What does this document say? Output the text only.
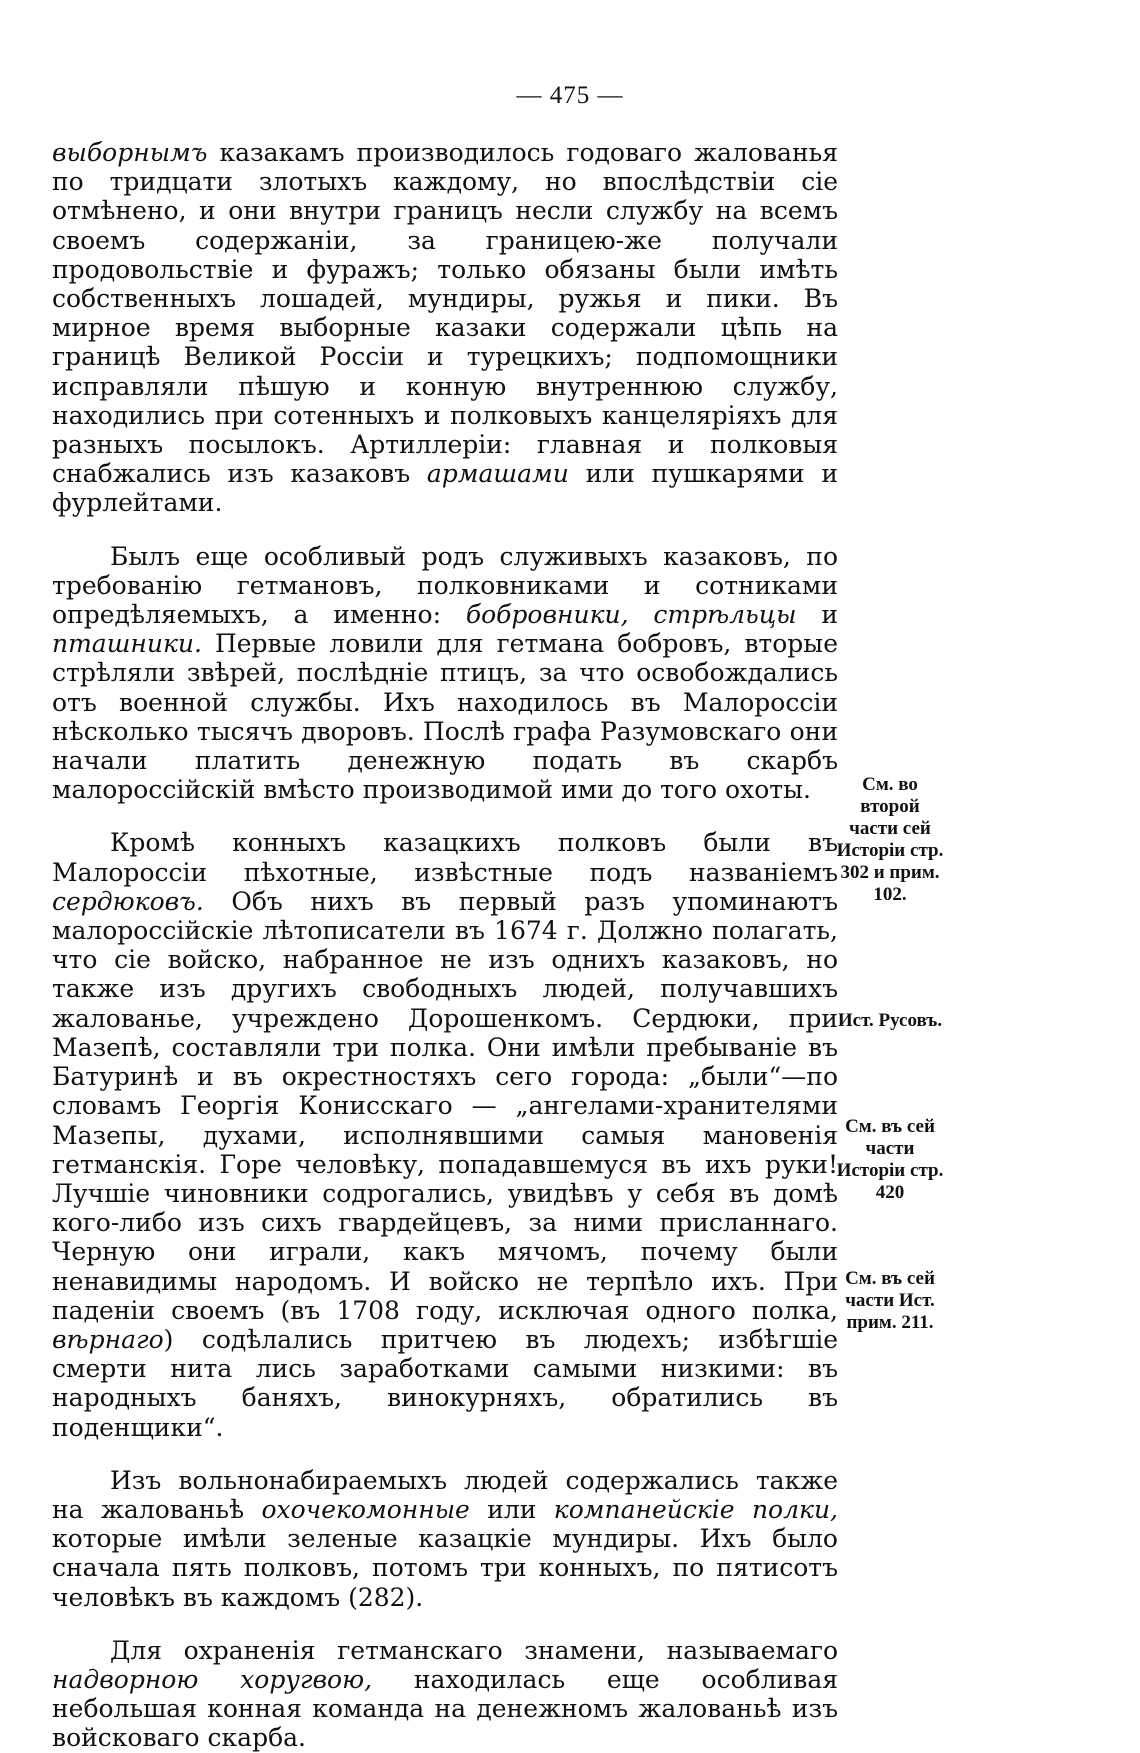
— 475 —

выборнымъ казакамъ производилось годоваго жалованья по тридцати злотыхъ каждому, но впослѣдствiи сiе отмѣнено, и они внутри границъ несли службу на всемъ своемъ содержанiи, за границею-же получали продовольствiе и фуражъ; только обязаны были имѣть собственныхъ лошадей, мундиры, ружья и пики. Въ мирное время выборные казаки содержали цѣпь на границѣ Великой Россiи и турецкихъ; подпомощники исправляли пѣшую и конную внутреннюю службу, находились при сотенныхъ и полковыхъ канцелярiяхъ для разныхъ посылокъ. Артиллерiи: главная и полковыя снабжались изъ казаковъ армашами или пушкарями и фурлейтами.

Былъ еще особливый родъ служивыхъ казаковъ, по требованiю гетмановъ, полковниками и сотниками опредѣляемыхъ, а именно: бобровники, стрѣльцы и пташники. Первые ловили для гетмана бобровъ, вторые стрѣляли звѣрей, послѣднiе птицъ, за что освобождались отъ военной службы. Ихъ находилось въ Малороссiи нѣсколько тысячъ дворовъ. Послѣ графа Разумовскаго они начали платить денежную подать въ скарбъ малороссiйскiй вмѣсто производимой ими до того охоты.

Кромѣ конныхъ казацкихъ полковъ были въ Малороссiи пѣхотные, извѣстные подъ названiемъ сердюковъ. Объ нихъ въ первый разъ упоминаютъ малороссiйскiе лѣтописатели въ 1674 г. Должно полагать, что сiе войско, набранное не изъ однихъ казаковъ, но также изъ другихъ свободныхъ людей, получавшихъ жалованье, учреждено Дорошенкомъ. Сердюки, при Мазепѣ, составляли три полка. Они имѣли пребыванiе въ Батуринѣ и въ окрестностяхъ сего города: „были“—по словамъ Георгiя Конисскаго — „ангелами-хранителями Мазепы, духами, исполнявшими самыя мановенiя гетманскiя. Горе человѣку, попадавшемуся въ ихъ руки! Лучшiе чиновники содрогались, увидѣвъ у себя въ домѣ кого-либо изъ сихъ гвардейцевъ, за ними присланнаго. Черную они играли, какъ мячомъ, почему были ненавидимы народомъ. И войско не терпѣло ихъ. При паденiи своемъ (въ 1708 году, исключая одного полка, вѣрнаго) содѣлались притчею въ людехъ; избѣгшiе смерти нита лись заработками самыми низкими: въ народныхъ баняхъ, винокурняхъ, обратились въ поденщики“.

Изъ вольнонабираемыхъ людей содержались также на жалованьѣ охочекомонные или компанейскiе полки, которые имѣли зеленые казацкiе мундиры. Ихъ было сначала пять полковъ, потомъ три конныхъ, по пятисотъ человѣкъ въ каждомъ (282).

Для охраненiя гетманскаго знамени, называемаго надворною хоругвою, находилась еще особливая небольшая конная команда на денежномъ жалованьѣ изъ войсковаго скарба.

См. во второй части сей Исторiи стр. 302 и прим. 102.
Ист. Русовъ.
См. въ сей части Исторiи стр. 420
См. въ сей части Ист. прим. 211.
